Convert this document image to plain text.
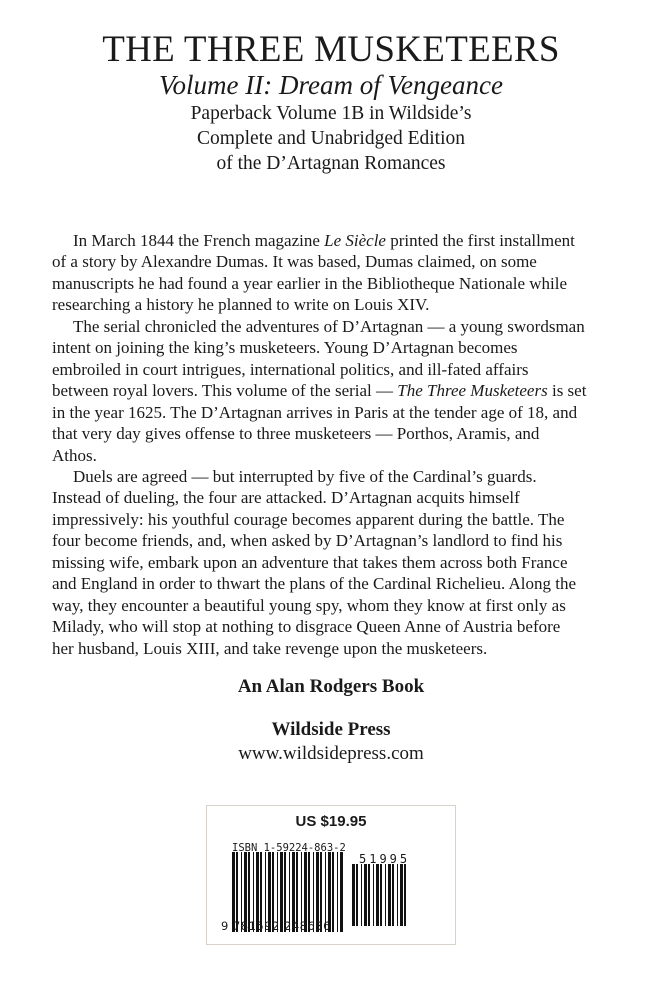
THE THREE MUSKETEERS
Volume II: Dream of Vengeance
Paperback Volume 1B in Wildside’s
Complete and Unabridged Edition
of the D’Artagnan Romances
In March 1844 the French magazine Le Siècle printed the first installment
of a story by Alexandre Dumas. It was based, Dumas claimed, on some
manuscripts he had found a year earlier in the Bibliotheque Nationale while
researching a history he planned to write on Louis XIV.
The serial chronicled the adventures of D’Artagnan — a young swordsman
intent on joining the king’s musketeers. Young D’Artagnan becomes
embroiled in court intrigues, international politics, and ill-fated affairs
between royal lovers. This volume of the serial — The Three Musketeers is set
in the year 1625. The D’Artagnan arrives in Paris at the tender age of 18, and
that very day gives offense to three musketeers — Porthos, Aramis, and
Athos.
Duels are agreed — but interrupted by five of the Cardinal’s guards.
Instead of dueling, the four are attacked. D’Artagnan acquits himself
impressively: his youthful courage becomes apparent during the battle. The
four become friends, and, when asked by D’Artagnan’s landlord to find his
missing wife, embark upon an adventure that takes them across both France
and England in order to thwart the plans of the Cardinal Richelieu. Along the
way, they encounter a beautiful young spy, whom they know at first only as
Milady, who will stop at nothing to disgrace Queen Anne of Austria before
her husband, Louis XIII, and take revenge upon the musketeers.
An Alan Rodgers Book
Wildside Press
www.wildsidepress.com
US $19.95
ISBN 1-59224-863-2
51995
9 781592 248636
